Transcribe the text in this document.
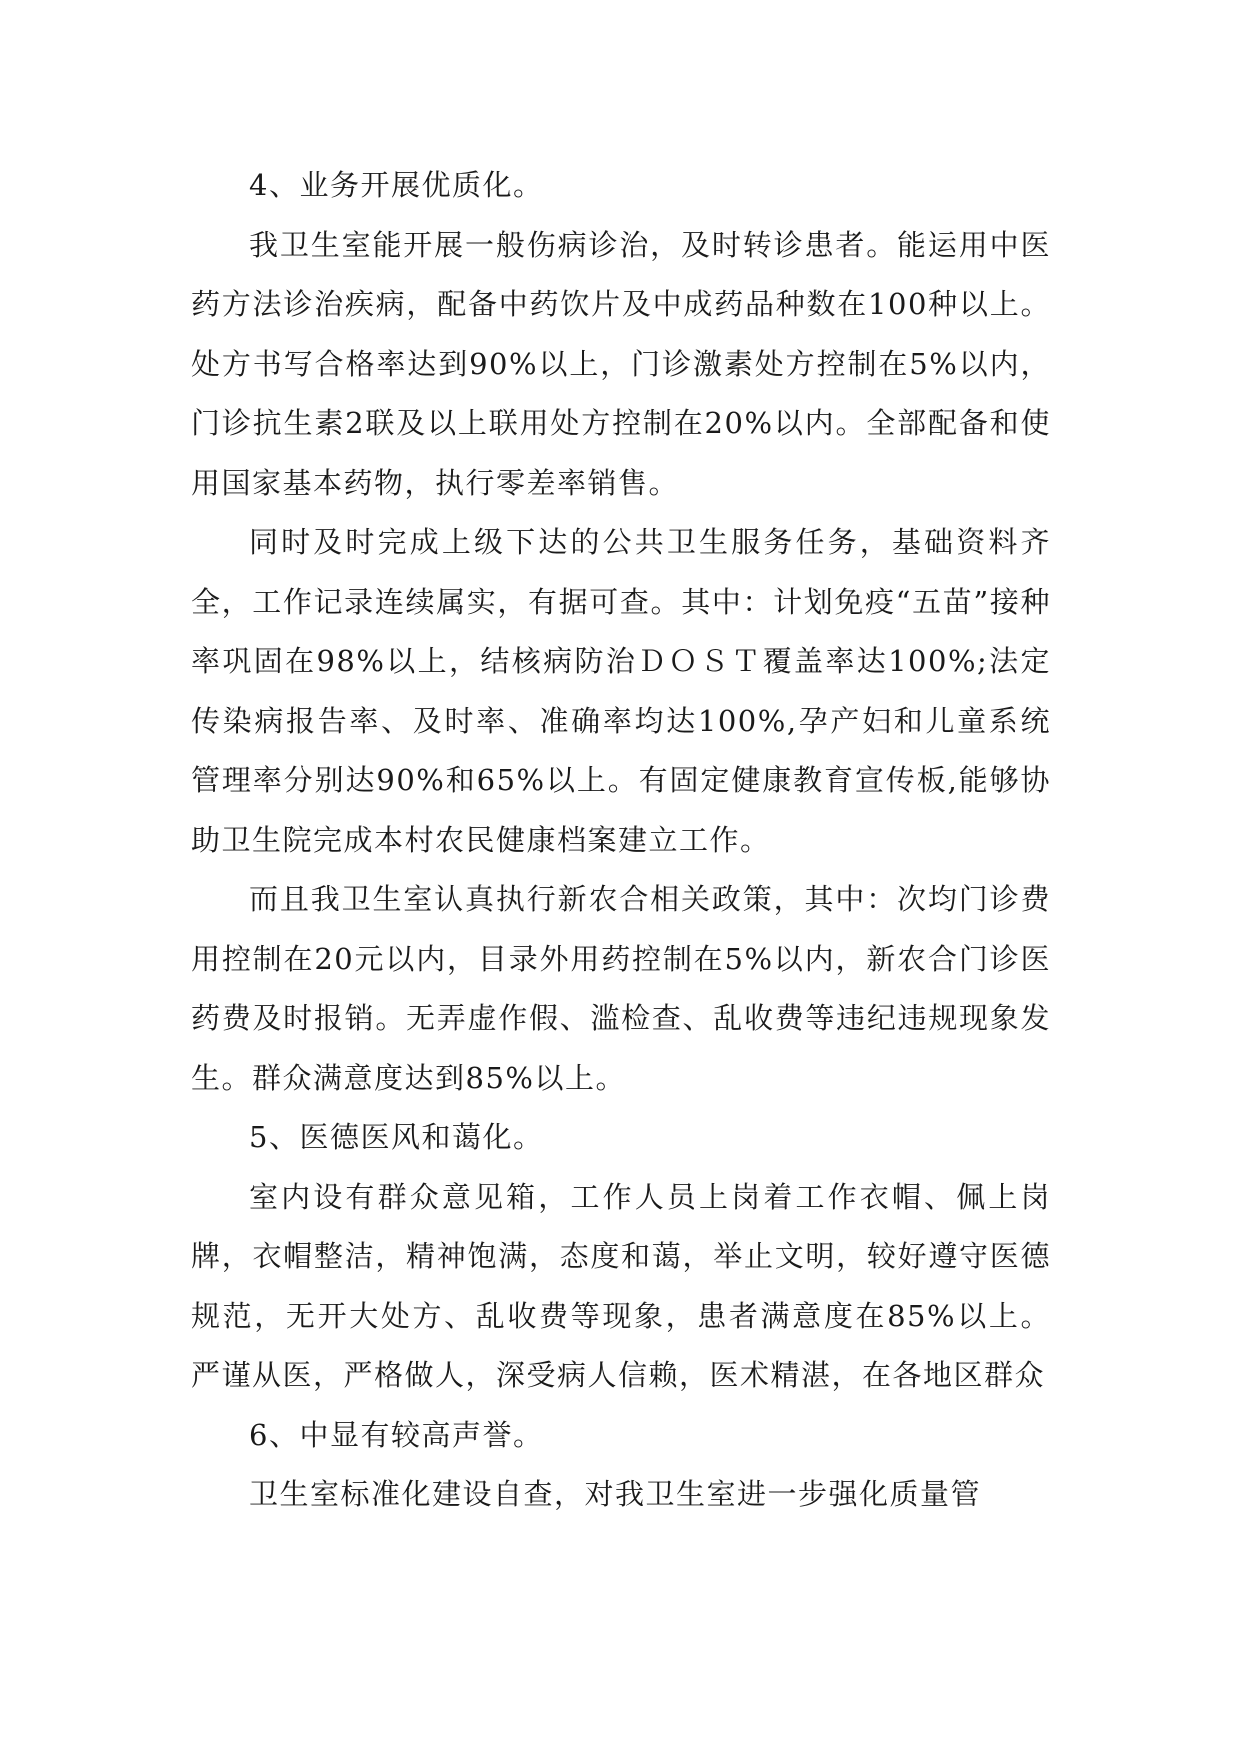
4、业务开展优质化。

我卫生室能开展一般伤病诊治，及时转诊患者。能运用中医药方法诊治疾病，配备中药饮片及中成药品种数在100种以上。处方书写合格率达到90%以上，门诊激素处方控制在5%以内，门诊抗生素2联及以上联用处方控制在20%以内。全部配备和使用国家基本药物，执行零差率销售。

同时及时完成上级下达的公共卫生服务任务，基础资料齐全，工作记录连续属实，有据可查。其中：计划免疫“五苗”接种率巩固在98%以上，结核病防治ＤＯＳＴ覆盖率达100%;法定传染病报告率、及时率、准确率均达100%,孕产妇和儿童系统管理率分别达90%和65%以上。有固定健康教育宣传板,能够协助卫生院完成本村农民健康档案建立工作。

而且我卫生室认真执行新农合相关政策，其中：次均门诊费用控制在20元以内，目录外用药控制在5%以内，新农合门诊医药费及时报销。无弄虚作假、滥检查、乱收费等违纪违规现象发生。群众满意度达到85%以上。

5、医德医风和蔼化。

室内设有群众意见箱，工作人员上岗着工作衣帽、佩上岗牌，衣帽整洁，精神饱满，态度和蔼，举止文明，较好遵守医德规范，无开大处方、乱收费等现象，患者满意度在85%以上。严谨从医，严格做人，深受病人信赖，医术精湛，在各地区群众

6、中显有较高声誉。

卫生室标准化建设自查，对我卫生室进一步强化质量管
